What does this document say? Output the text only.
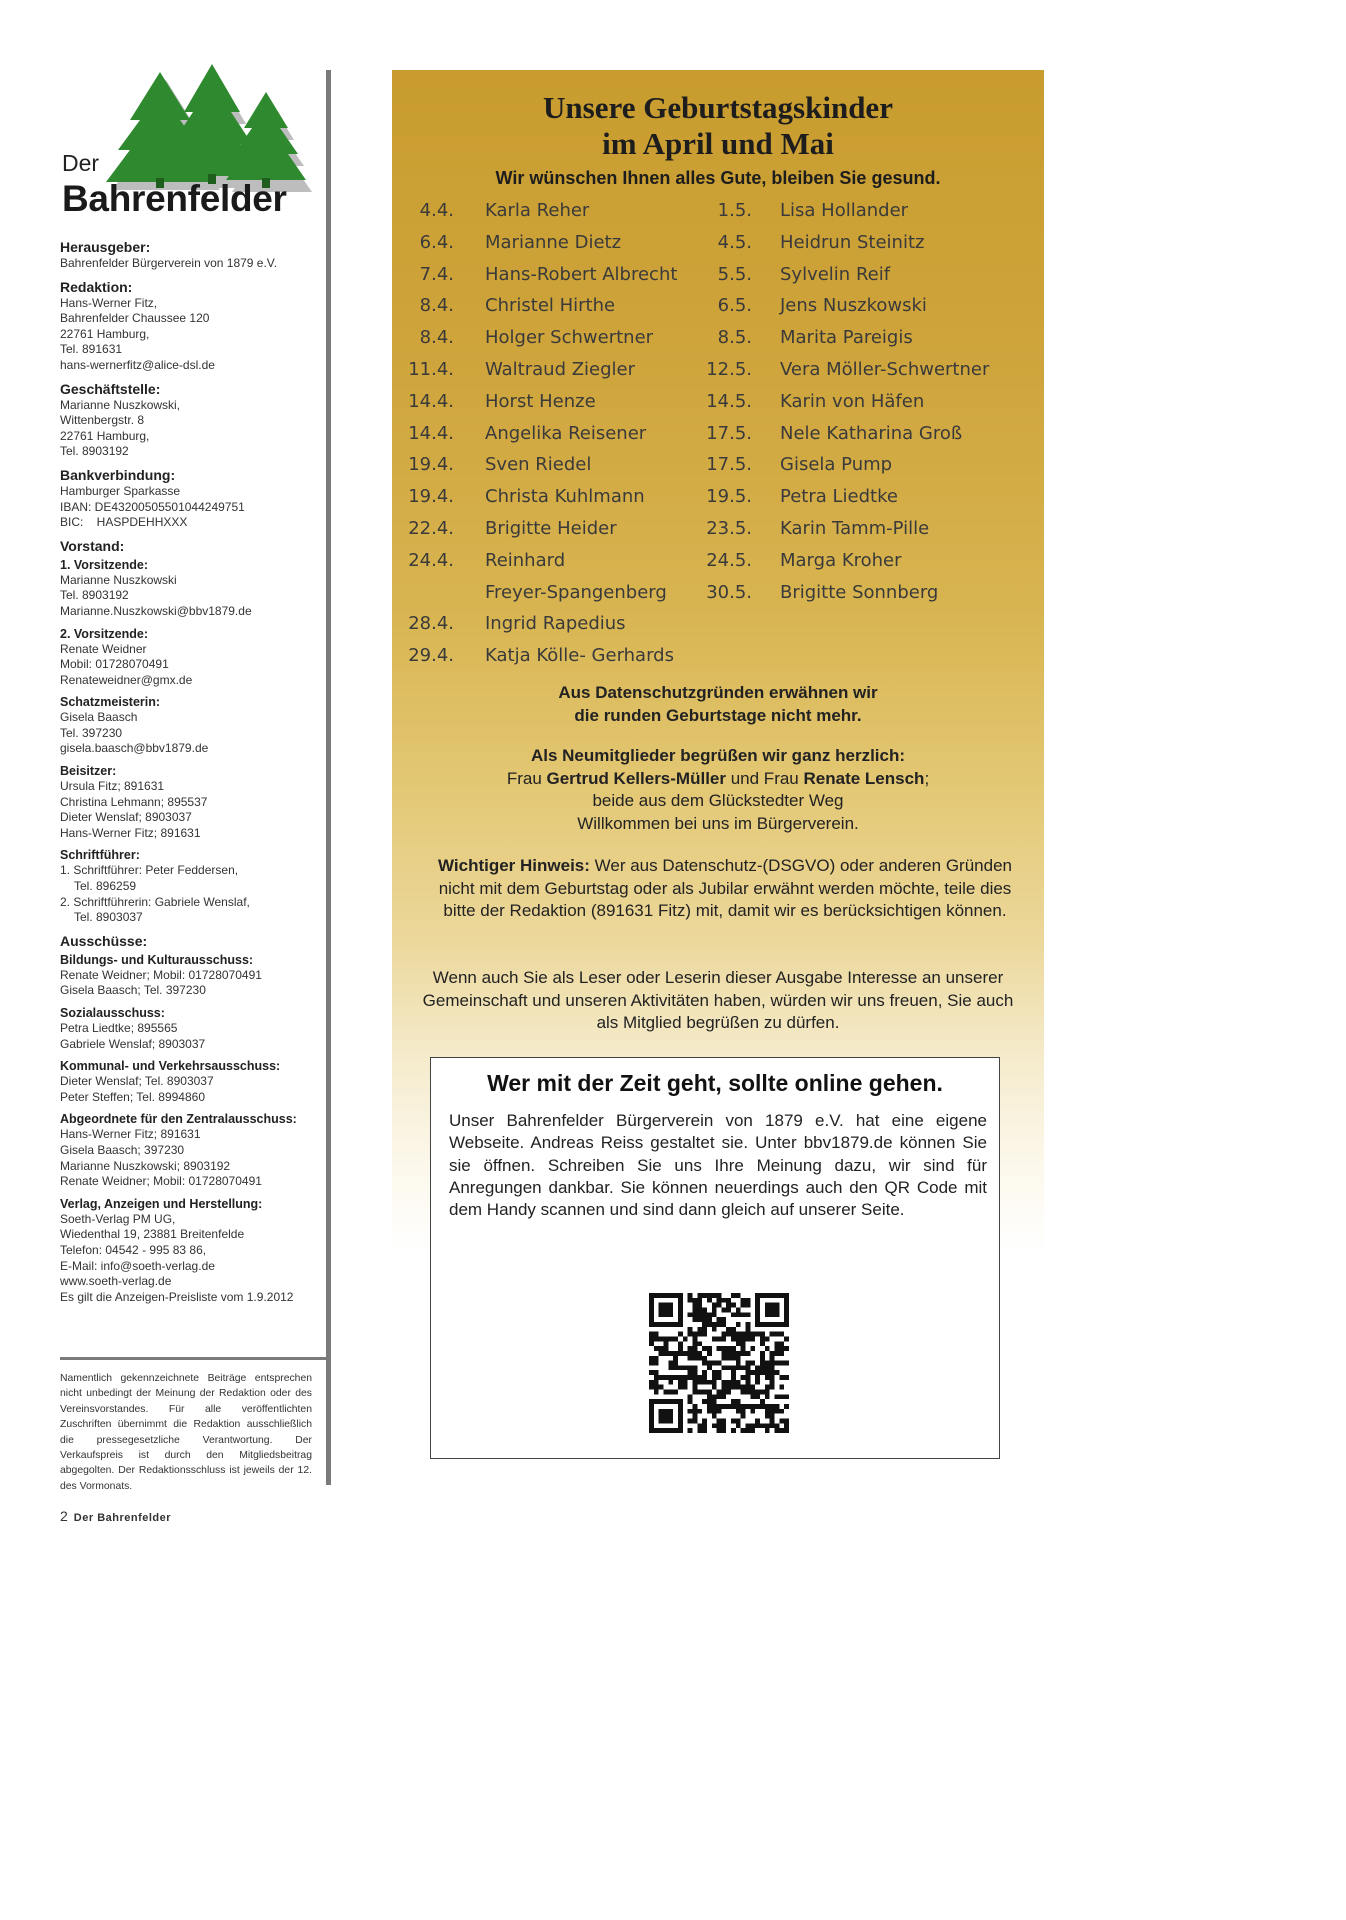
Der
Bahrenfelder
Herausgeber:
Bahrenfelder Bürgerverein von 1879 e.V.
Redaktion:
Hans-Werner Fitz,
Bahrenfelder Chaussee 120
22761 Hamburg,
Tel. 891631
hans-wernerfitz@alice-dsl.de
Geschäftstelle:
Marianne Nuszkowski,
Wittenbergstr. 8
22761 Hamburg,
Tel. 8903192
Bankverbindung:
Hamburger Sparkasse
IBAN: DE43200505501044249751
BIC:    HASPDEHHXXX
Vorstand:
1. Vorsitzende:
Marianne Nuszkowski
Tel. 8903192
Marianne.Nuszkowski@bbv1879.de
2. Vorsitzende:
Renate Weidner
Mobil: 01728070491
Renateweidner@gmx.de
Schatzmeisterin:
Gisela Baasch
Tel. 397230
gisela.baasch@bbv1879.de
Beisitzer:
Ursula Fitz; 891631
Christina Lehmann; 895537
Dieter Wenslaf; 8903037
Hans-Werner Fitz; 891631
Schriftführer:
1. Schriftführer: Peter Feddersen,
Tel. 896259
2. Schriftführerin: Gabriele Wenslaf,
Tel. 8903037
Ausschüsse:
Bildungs- und Kulturausschuss:
Renate Weidner; Mobil: 01728070491
Gisela Baasch; Tel. 397230
Sozialausschuss:
Petra Liedtke; 895565
Gabriele Wenslaf; 8903037
Kommunal- und Verkehrsausschuss:
Dieter Wenslaf; Tel. 8903037
Peter Steffen; Tel. 8994860
Abgeordnete für den Zentralausschuss:
Hans-Werner Fitz; 891631
Gisela Baasch; 397230
Marianne Nuszkowski; 8903192
Renate Weidner; Mobil: 01728070491
Verlag, Anzeigen und Herstellung:
Soeth-Verlag PM UG,
Wiedenthal 19, 23881 Breitenfelde
Telefon: 04542 - 995 83 86,
E-Mail: info@soeth-verlag.de
www.soeth-verlag.de
Es gilt die Anzeigen-Preisliste vom 1.9.2012
Namentlich gekennzeichnete Beiträge entsprechen nicht unbedingt der Meinung der Redaktion oder des Vereinsvorstandes. Für alle veröffentlichten Zuschriften übernimmt die Redaktion ausschließlich die pressegesetzliche Verantwortung. Der Verkaufspreis ist durch den Mitgliedsbeitrag abgegolten. Der Redaktionsschluss ist jeweils der 12. des Vormonats.
2 Der Bahrenfelder
Unsere Geburtstagskinder
im April und Mai
Wir wünschen Ihnen alles Gute, bleiben Sie gesund.
4.4. Karla Reher
6.4. Marianne Dietz
7.4. Hans-Robert Albrecht
8.4. Christel Hirthe
8.4. Holger Schwertner
11.4. Waltraud Ziegler
14.4. Horst Henze
14.4. Angelika Reisener
19.4. Sven Riedel
19.4. Christa Kuhlmann
22.4. Brigitte Heider
24.4. Reinhard
Freyer-Spangenberg
28.4. Ingrid Rapedius
29.4. Katja Kölle- Gerhards
1.5. Lisa Hollander
4.5. Heidrun Steinitz
5.5. Sylvelin Reif
6.5. Jens Nuszkowski
8.5. Marita Pareigis
12.5. Vera Möller-Schwertner
14.5. Karin von Häfen
17.5. Nele Katharina Groß
17.5. Gisela Pump
19.5. Petra Liedtke
23.5. Karin Tamm-Pille
24.5. Marga Kroher
30.5. Brigitte Sonnberg
Aus Datenschutzgründen erwähnen wir
die runden Geburtstage nicht mehr.
Als Neumitglieder begrüßen wir ganz herzlich:
Frau Gertrud Kellers-Müller und Frau Renate Lensch;
beide aus dem Glückstedter Weg
Willkommen bei uns im Bürgerverein.
Wichtiger Hinweis: Wer aus Datenschutz-(DSGVO) oder anderen Gründen nicht mit dem Geburtstag oder als Jubilar erwähnt werden möchte, teile dies bitte der Redaktion (891631 Fitz) mit, damit wir es berücksichtigen können.
Wenn auch Sie als Leser oder Leserin dieser Ausgabe Interesse an unserer Gemeinschaft und unseren Aktivitäten haben, würden wir uns freuen, Sie auch als Mitglied begrüßen zu dürfen.
Wer mit der Zeit geht, sollte online gehen.
Unser Bahrenfelder Bürgerverein von 1879 e.V. hat eine eigene Webseite. Andreas Reiss gestaltet sie. Unter bbv1879.de können Sie sie öffnen. Schreiben Sie uns Ihre Meinung dazu, wir sind für Anregungen dankbar. Sie können neuerdings auch den QR Code mit dem Handy scannen und sind dann gleich auf unserer Seite.
